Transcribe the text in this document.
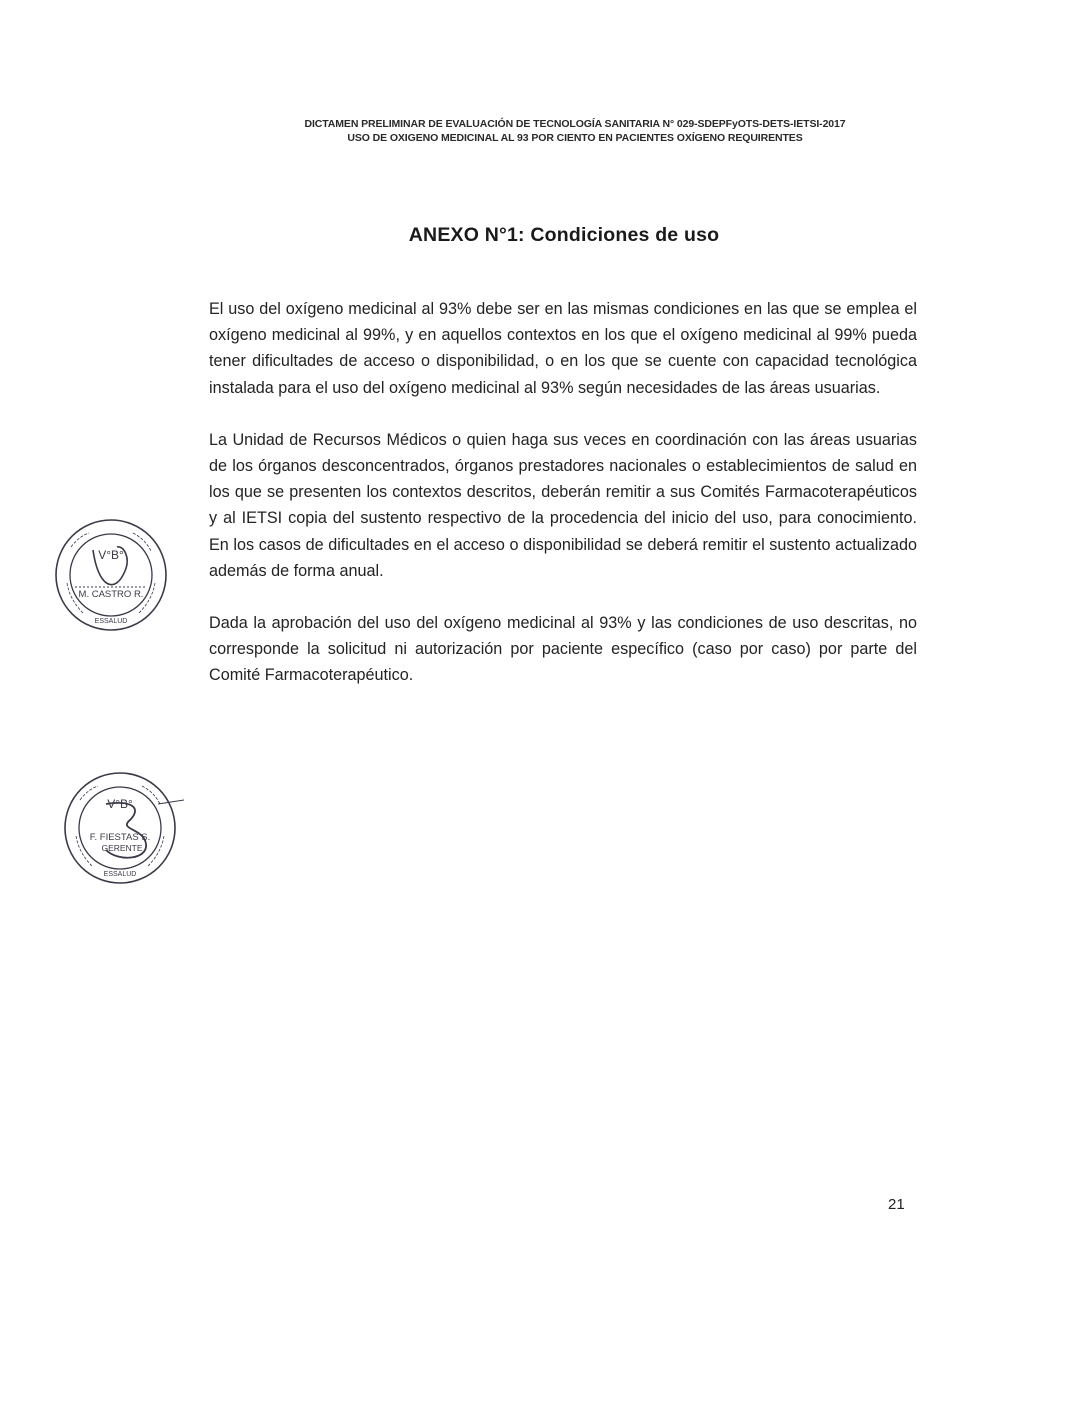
DICTAMEN PRELIMINAR DE EVALUACIÓN DE TECNOLOGÍA SANITARIA N° 029-SDEPFyOTS-DETS-IETSI-2017
USO DE OXIGENO MEDICINAL AL 93 POR CIENTO EN PACIENTES OXÍGENO REQUIRENTES
ANEXO N°1: Condiciones de uso

El uso del oxígeno medicinal al 93% debe ser en las mismas condiciones en las que se emplea el oxígeno medicinal al 99%, y en aquellos contextos en los que el oxígeno medicinal al 99% pueda tener dificultades de acceso o disponibilidad, o en los que se cuente con capacidad tecnológica instalada para el uso del oxígeno medicinal al 93% según necesidades de las áreas usuarias.

La Unidad de Recursos Médicos o quien haga sus veces en coordinación con las áreas usuarias de los órganos desconcentrados, órganos prestadores nacionales o establecimientos de salud en los que se presenten los contextos descritos, deberán remitir a sus Comités Farmacoterapéuticos y al IETSI copia del sustento respectivo de la procedencia del inicio del uso, para conocimiento. En los casos de dificultades en el acceso o disponibilidad se deberá remitir el sustento actualizado además de forma anual.

Dada la aprobación del uso del oxígeno medicinal al 93% y las condiciones de uso descritas, no corresponde la solicitud ni autorización por paciente específico (caso por caso) por parte del Comité Farmacoterapéutico.

V°B°
M. CASTRO R.
ESSALUD
V°B°
F. FIESTAS S.
GERENTE
ESSALUD
21
